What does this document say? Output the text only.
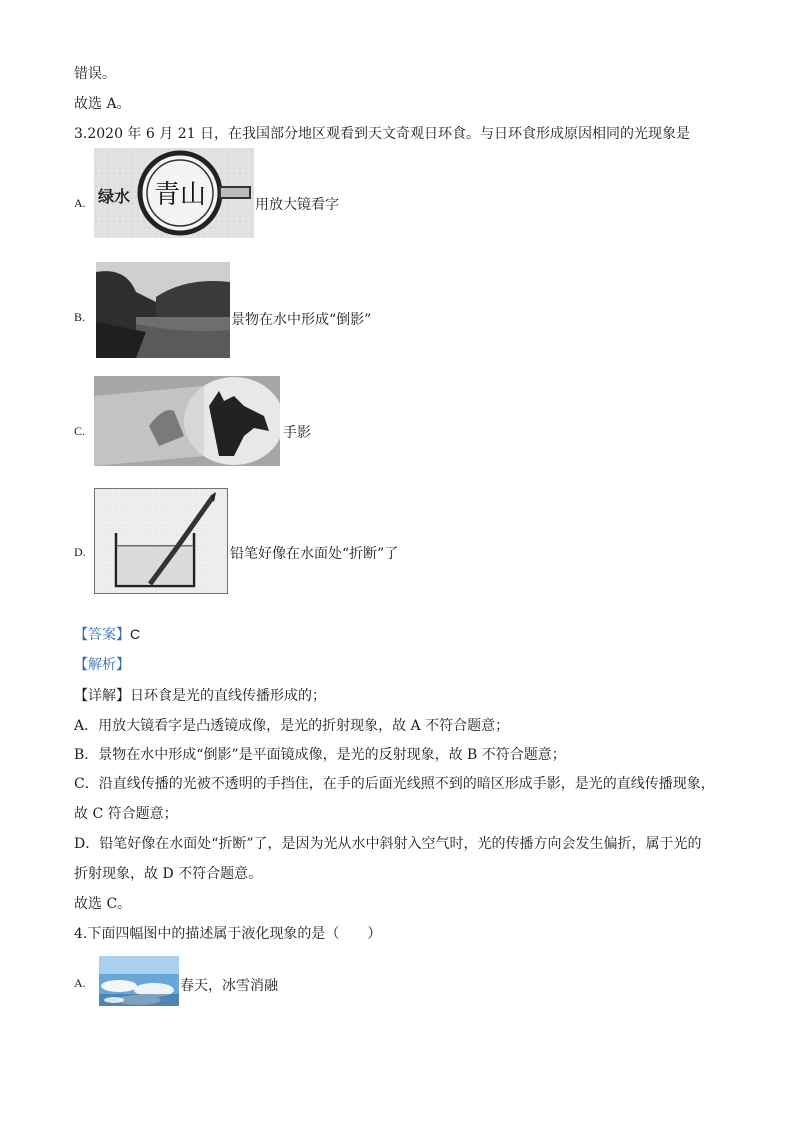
错误。
故选 A。
3.2020 年 6 月 21 日，在我国部分地区观看到天文奇观日环食。与日环食形成原因相同的光现象是
A. 绿水 青山	用放大镜看字
B.	景物在水中形成“倒影”
C.	手影
D.	铅笔好像在水面处“折断”了
【答案】C
【解析】
【详解】日环食是光的直线传播形成的；
A．用放大镜看字是凸透镜成像，是光的折射现象，故 A 不符合题意；
B．景物在水中形成“倒影”是平面镜成像，是光的反射现象，故 B 不符合题意；
C．沿直线传播的光被不透明的手挡住，在手的后面光线照不到的暗区形成手影，是光的直线传播现象，
故 C 符合题意；
D．铅笔好像在水面处“折断”了，是因为光从水中斜射入空气时，光的传播方向会发生偏折，属于光的
折射现象，故 D 不符合题意。
故选 C。
4.下面四幅图中的描述属于液化现象的是（　　）
A.	春天，冰雪消融
